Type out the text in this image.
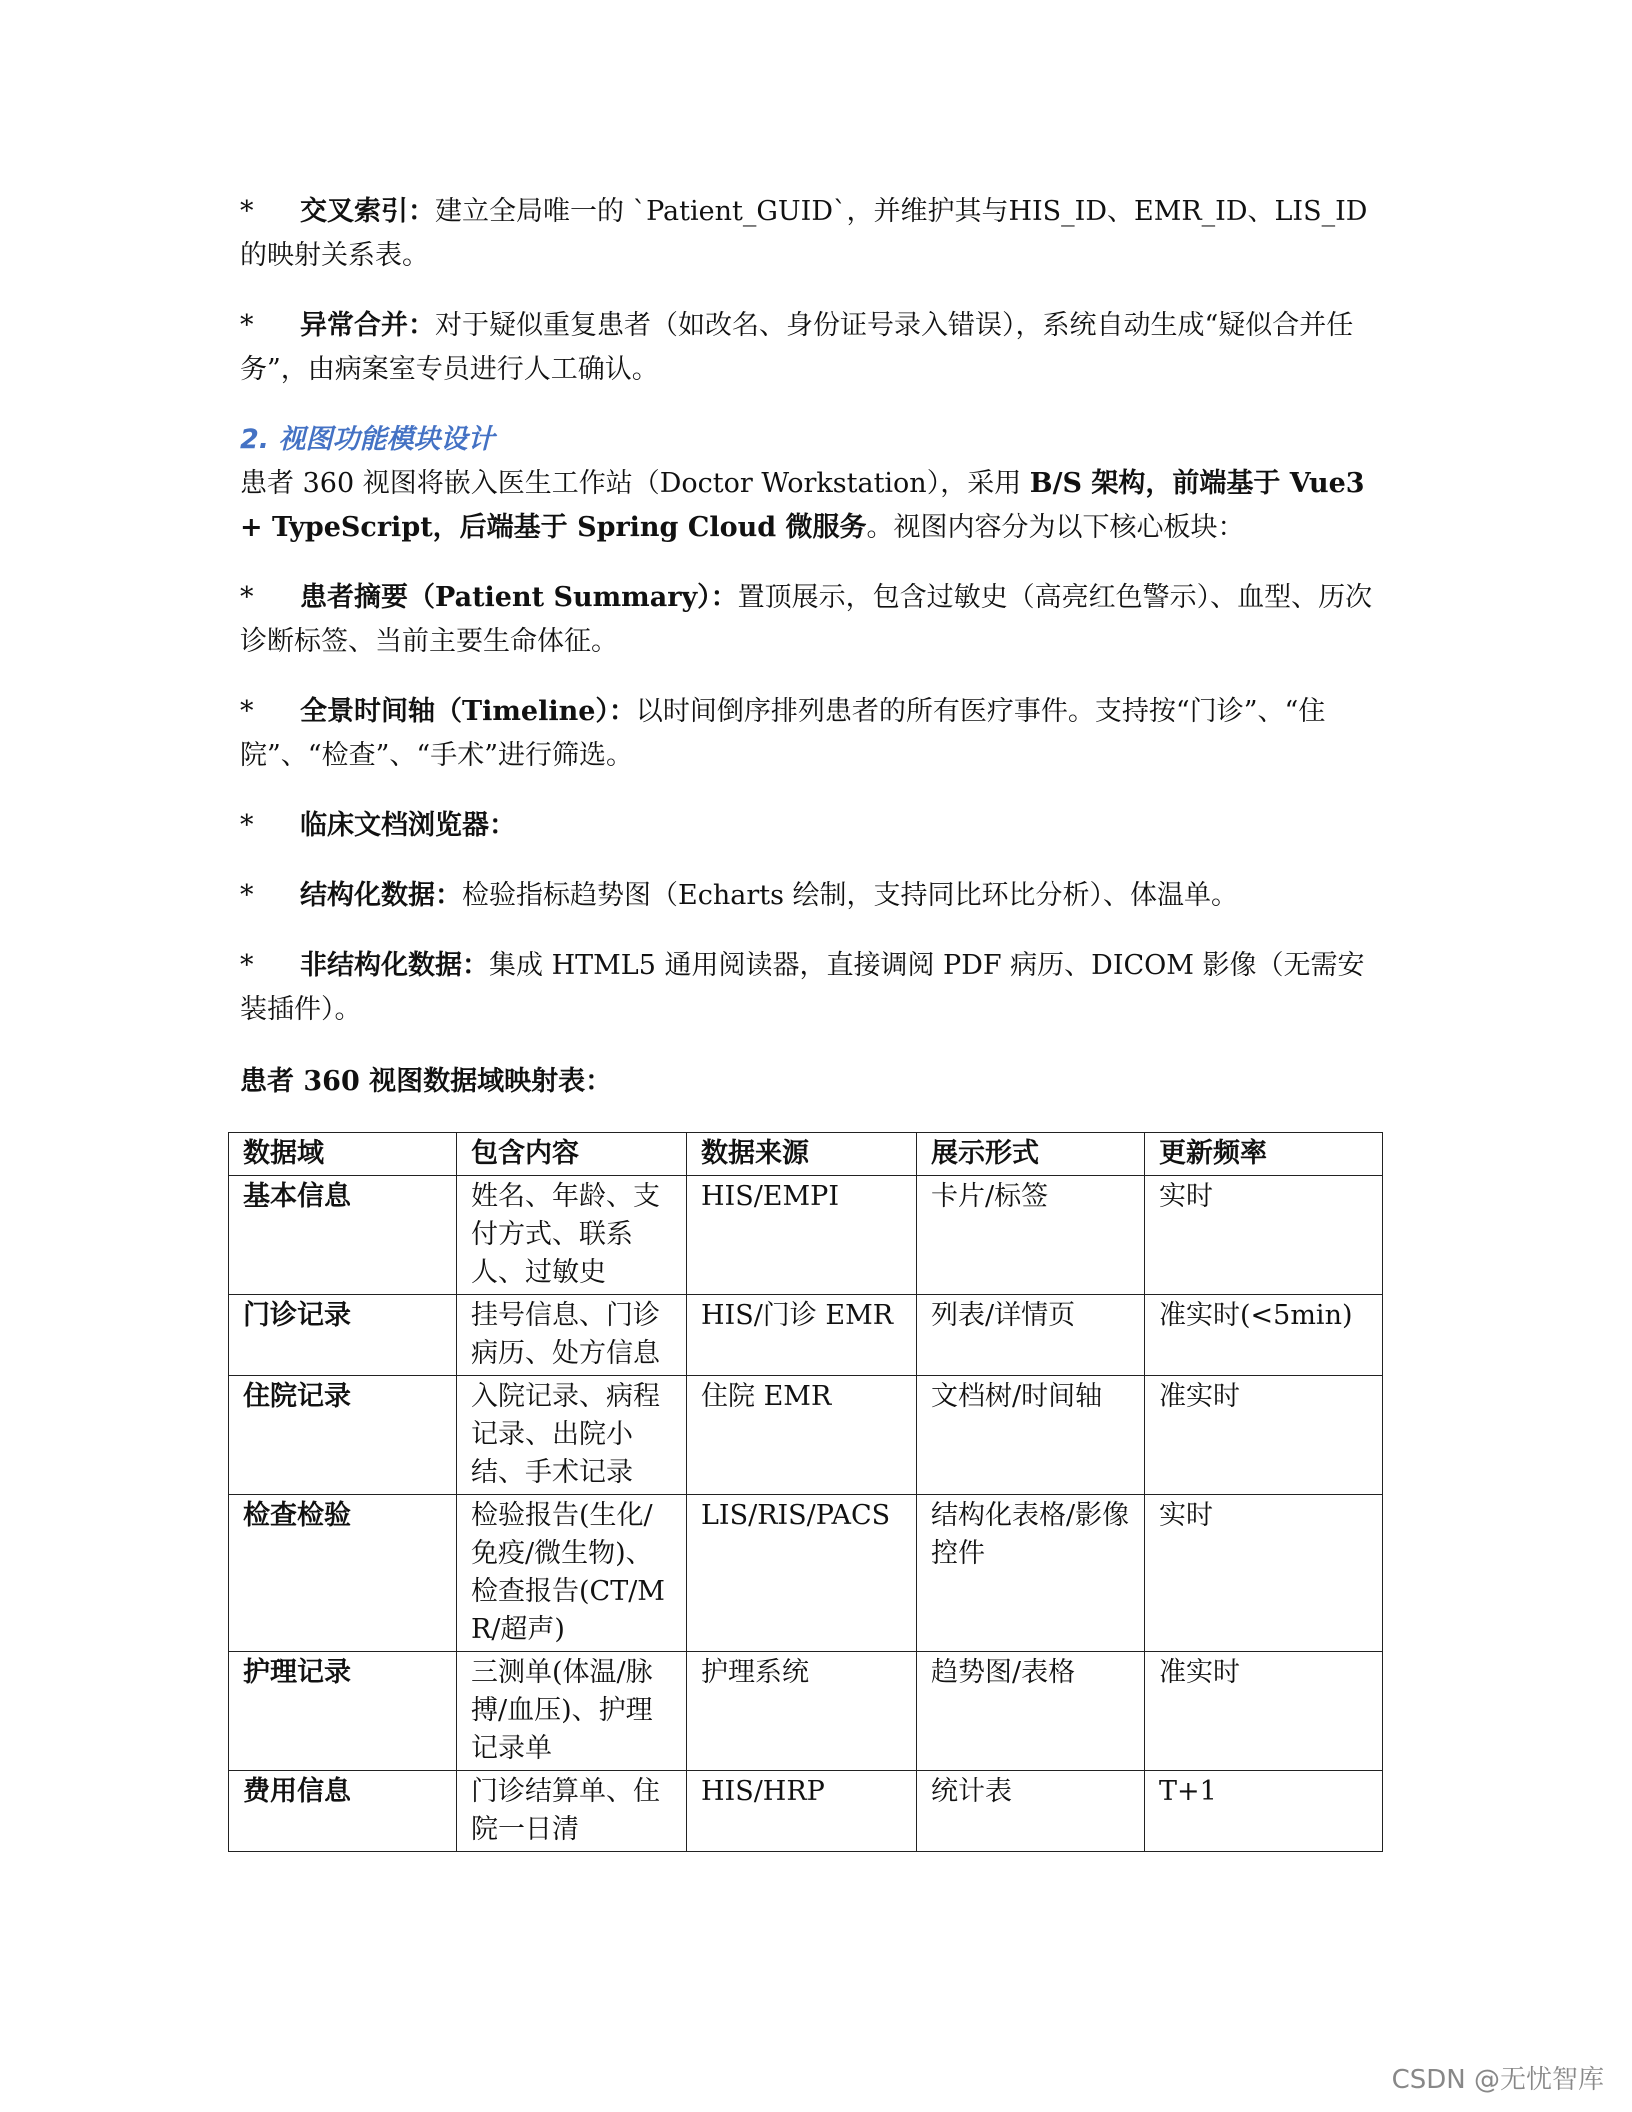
* 交叉索引：建立全局唯一的 `Patient_GUID`，并维护其与HIS_ID、EMR_ID、LIS_ID的映射关系表。

* 异常合并：对于疑似重复患者（如改名、身份证号录入错误），系统自动生成“疑似合并任务”，由病案室专员进行人工确认。

2. 视图功能模块设计

患者 360 视图将嵌入医生工作站（Doctor Workstation），采用 B/S 架构，前端基于 Vue3 + TypeScript，后端基于 Spring Cloud 微服务。视图内容分为以下核心板块：

* 患者摘要（Patient Summary）：置顶展示，包含过敏史（高亮红色警示）、血型、历次诊断标签、当前主要生命体征。

* 全景时间轴（Timeline）：以时间倒序排列患者的所有医疗事件。支持按“门诊”、“住院”、“检查”、“手术”进行筛选。

* 临床文档浏览器：

* 结构化数据：检验指标趋势图（Echarts 绘制，支持同比环比分析）、体温单。

* 非结构化数据：集成 HTML5 通用阅读器，直接调阅 PDF 病历、DICOM 影像（无需安装插件）。

患者 360 视图数据域映射表：

数据域	包含内容	数据来源	展示形式	更新频率
基本信息	姓名、年龄、支付方式、联系人、过敏史	HIS/EMPI	卡片/标签	实时
门诊记录	挂号信息、门诊病历、处方信息	HIS/门诊 EMR	列表/详情页	准实时(<5min)
住院记录	入院记录、病程记录、出院小结、手术记录	住院 EMR	文档树/时间轴	准实时
检查检验	检验报告(生化/免疫/微生物)、检查报告(CT/MR/超声)	LIS/RIS/PACS	结构化表格/影像控件	实时
护理记录	三测单(体温/脉搏/血压)、护理记录单	护理系统	趋势图/表格	准实时
费用信息	门诊结算单、住院一日清	HIS/HRP	统计表	T+1
CSDN @无忧智库
